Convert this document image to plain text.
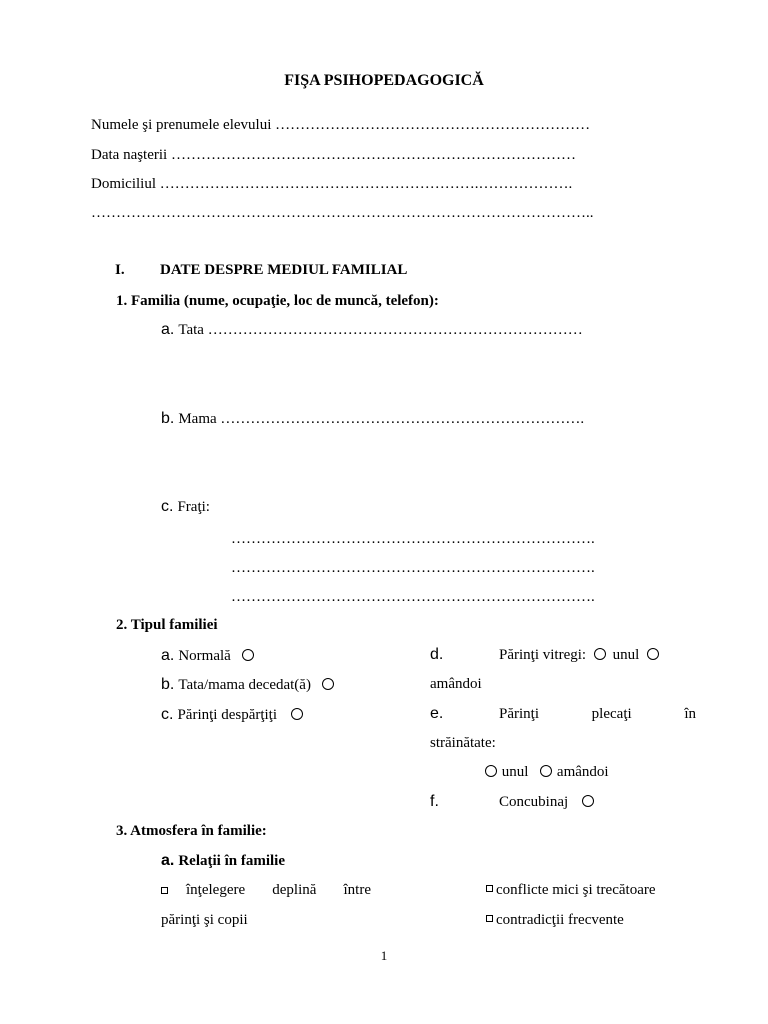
FIŞA PSIHOPEDAGOGICĂ
Numele şi prenumele elevului ………………………………………………………
Data naşterii ………………………………………………………………………
Domiciliul ……………………………………………………….……………….
………………………………………………………………………………………..
I. DATE DESPRE MEDIUL FAMILIAL
1. Familia (nume, ocupaţie, loc de muncă, telefon):
a. Tata …………………………………………………………………
b. Mama ……………………………………………………………….
c. Fraţi:
……………………………………………………………….
……………………………………………………………….
……………………………………………………………….
2. Tipul familiei
a. Normală
b. Tata/mama decedat(ă)
c. Părinţi despărţiţi
d.	Părinţi vitregi: unul
amândoi
e.	Părinţi	plecaţi	în
străinătate:
unul amândoi
f.	Concubinaj
3. Atmosfera în familie:
a. Relaţii în familie
înţelegere deplină între
părinţi şi copii
conflicte mici şi trecătoare
contradicţii frecvente
1
